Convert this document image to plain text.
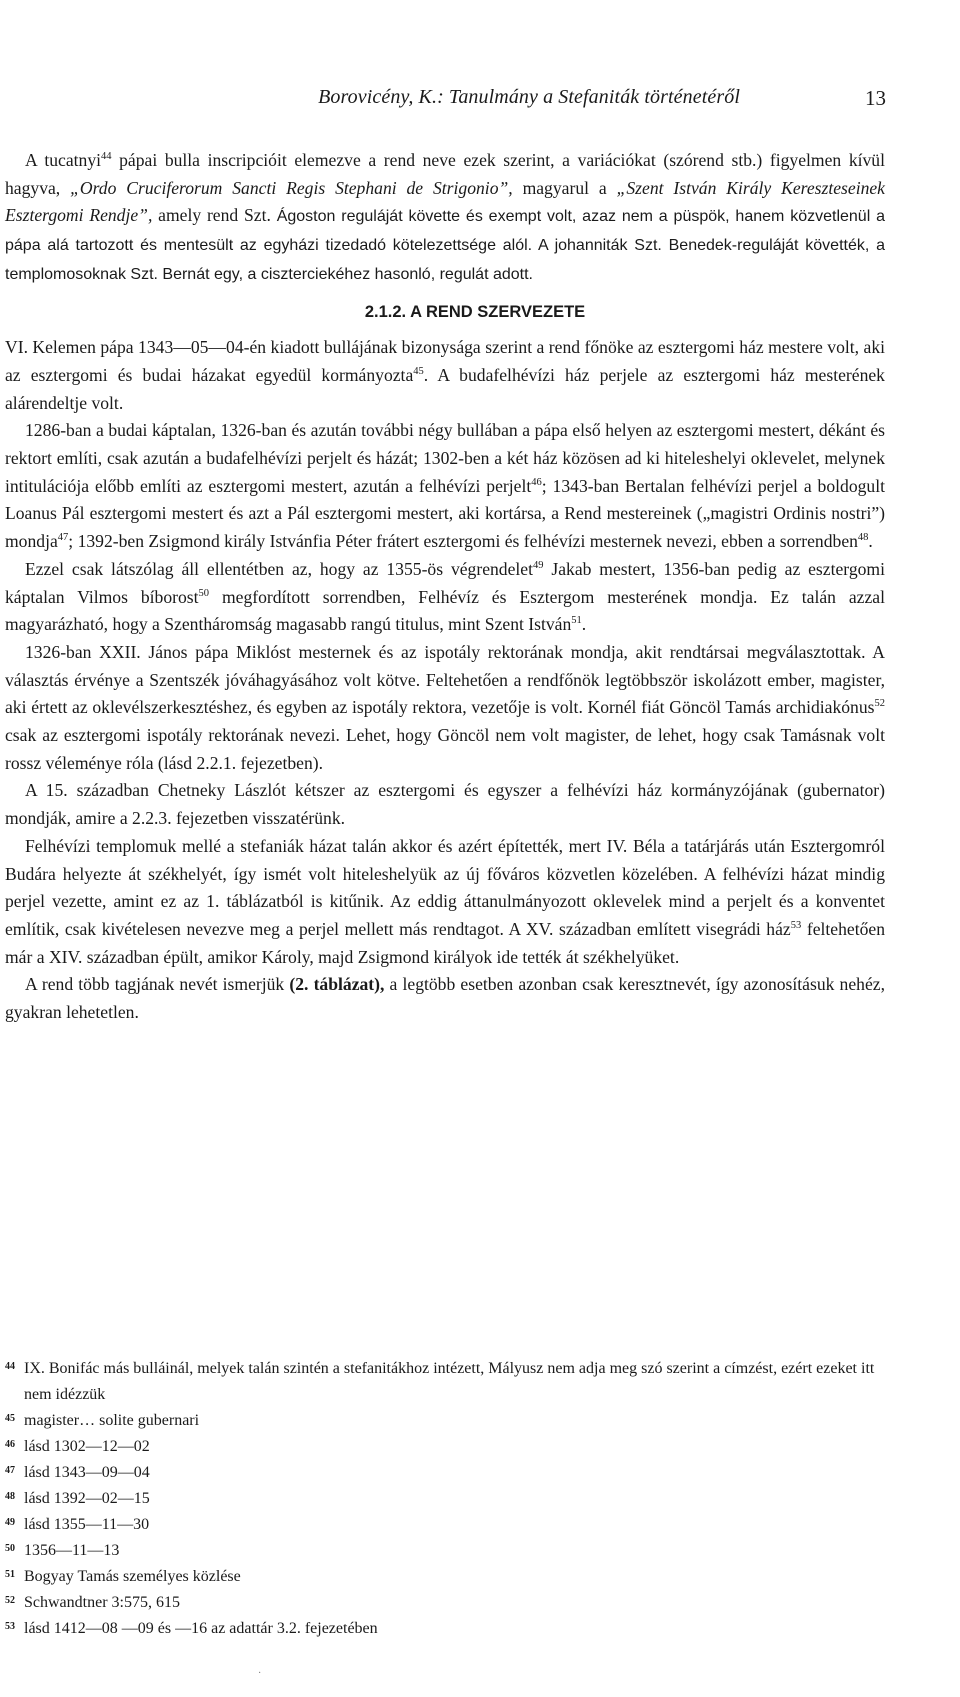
Borovicény, K.: Tanulmány a Stefaniták történetéről	13

A tucatnyi$^{44}$ pápai bulla inscripcióit elemezve a rend neve ezek szerint, a variációkat (szórend stb.) figyelmen kívül hagyva, „Ordo Cruciferorum Sancti Regis Stephani de Strigonio”, magyarul a „Szent István Király Kereszteseinek Esztergomi Rendje”, amely rend Szt. Ágoston reguláját követte és exempt volt, azaz nem a püspök, hanem közvetlenül a pápa alá tartozott és mentesült az egyházi tizedadó kötelezettsége alól. A johanniták Szt. Benedek-reguláját követték, a templomosoknak Szt. Bernát egy, a ciszterciekéhez hasonló, regulát adott.

2.1.2. A REND SZERVEZETE

VI. Kelemen pápa 1343—05—04-én kiadott bullájának bizonysága szerint a rend főnöke az esztergomi ház mestere volt, aki az esztergomi és budai házakat egyedül kormányozta$^{45}$. A budafelhévízi ház perjele az esztergomi ház mesterének alárendeltje volt.

1286-ban a budai káptalan, 1326-ban és azután további négy bullában a pápa első helyen az esztergomi mestert, dékánt és rektort említi, csak azután a budafelhévízi perjelt és házát; 1302-ben a két ház közösen ad ki hiteleshelyi oklevelet, melynek intitulációja előbb említi az esztergomi mestert, azután a felhévízi perjelt$^{46}$; 1343-ban Bertalan felhévízi perjel a boldogult Loanus Pál esztergomi mestert és azt a Pál esztergomi mestert, aki kortársa, a Rend mestereinek („magistri Ordinis nostri”) mondja$^{47}$; 1392-ben Zsigmond király Istvánfia Péter frátert esztergomi és felhévízi mesternek nevezi, ebben a sorrendben$^{48}$.

Ezzel csak látszólag áll ellentétben az, hogy az 1355-ös végrendelet$^{49}$ Jakab mestert, 1356-ban pedig az esztergomi káptalan Vilmos bíborost$^{50}$ megfordított sorrendben, Felhévíz és Esztergom mesterének mondja. Ez talán azzal magyarázható, hogy a Szentháromság magasabb rangú titulus, mint Szent István$^{51}$.

1326-ban XXII. János pápa Miklóst mesternek és az ispotály rektorának mondja, akit rendtársai megválasztottak. A választás érvénye a Szentszék jóváhagyásához volt kötve. Feltehetően a rendfőnök legtöbbször iskolázott ember, magister, aki értett az oklevélszerkesztéshez, és egyben az ispotály rektora, vezetője is volt. Kornél fiát Göncöl Tamás archidiakónus$^{52}$ csak az esztergomi ispotály rektorának nevezi. Lehet, hogy Göncöl nem volt magister, de lehet, hogy csak Tamásnak volt rossz véleménye róla (lásd 2.2.1. fejezetben).

A 15. században Chetneky Lászlót kétszer az esztergomi és egyszer a felhévízi ház kormányzójának (gubernator) mondják, amire a 2.2.3. fejezetben visszatérünk.

Felhévízi templomuk mellé a stefaniák házat talán akkor és azért építették, mert IV. Béla a tatárjárás után Esztergomról Budára helyezte át székhelyét, így ismét volt hiteleshelyük az új főváros közvetlen közelében. A felhévízi házat mindig perjel vezette, amint ez az 1. táblázatból is kitűnik. Az eddig áttanulmányozott oklevelek mind a perjelt és a konventet említik, csak kivételesen nevezve meg a perjel mellett más rendtagot. A XV. században említett visegrádi ház$^{53}$ feltehetően már a XIV. században épült, amikor Károly, majd Zsigmond királyok ide tették át székhelyüket.

A rend több tagjának nevét ismerjük (2. táblázat), a legtöbb esetben azonban csak keresztnevét, így azonosításuk nehéz, gyakran lehetetlen.

44 IX. Bonifác más bulláinál, melyek talán szintén a stefanitákhoz intézett, Mályusz nem adja meg szó szerint a címzést, ezért ezeket itt nem idézzük
45 magister… solite gubernari
46 lásd 1302—12—02
47 lásd 1343—09—04
48 lásd 1392—02—15
49 lásd 1355—11—30
50 1356—11—13
51 Bogyay Tamás személyes közlése
52 Schwandtner 3:575, 615
53 lásd 1412—08 —09 és —16 az adattár 3.2. fejezetében
·
